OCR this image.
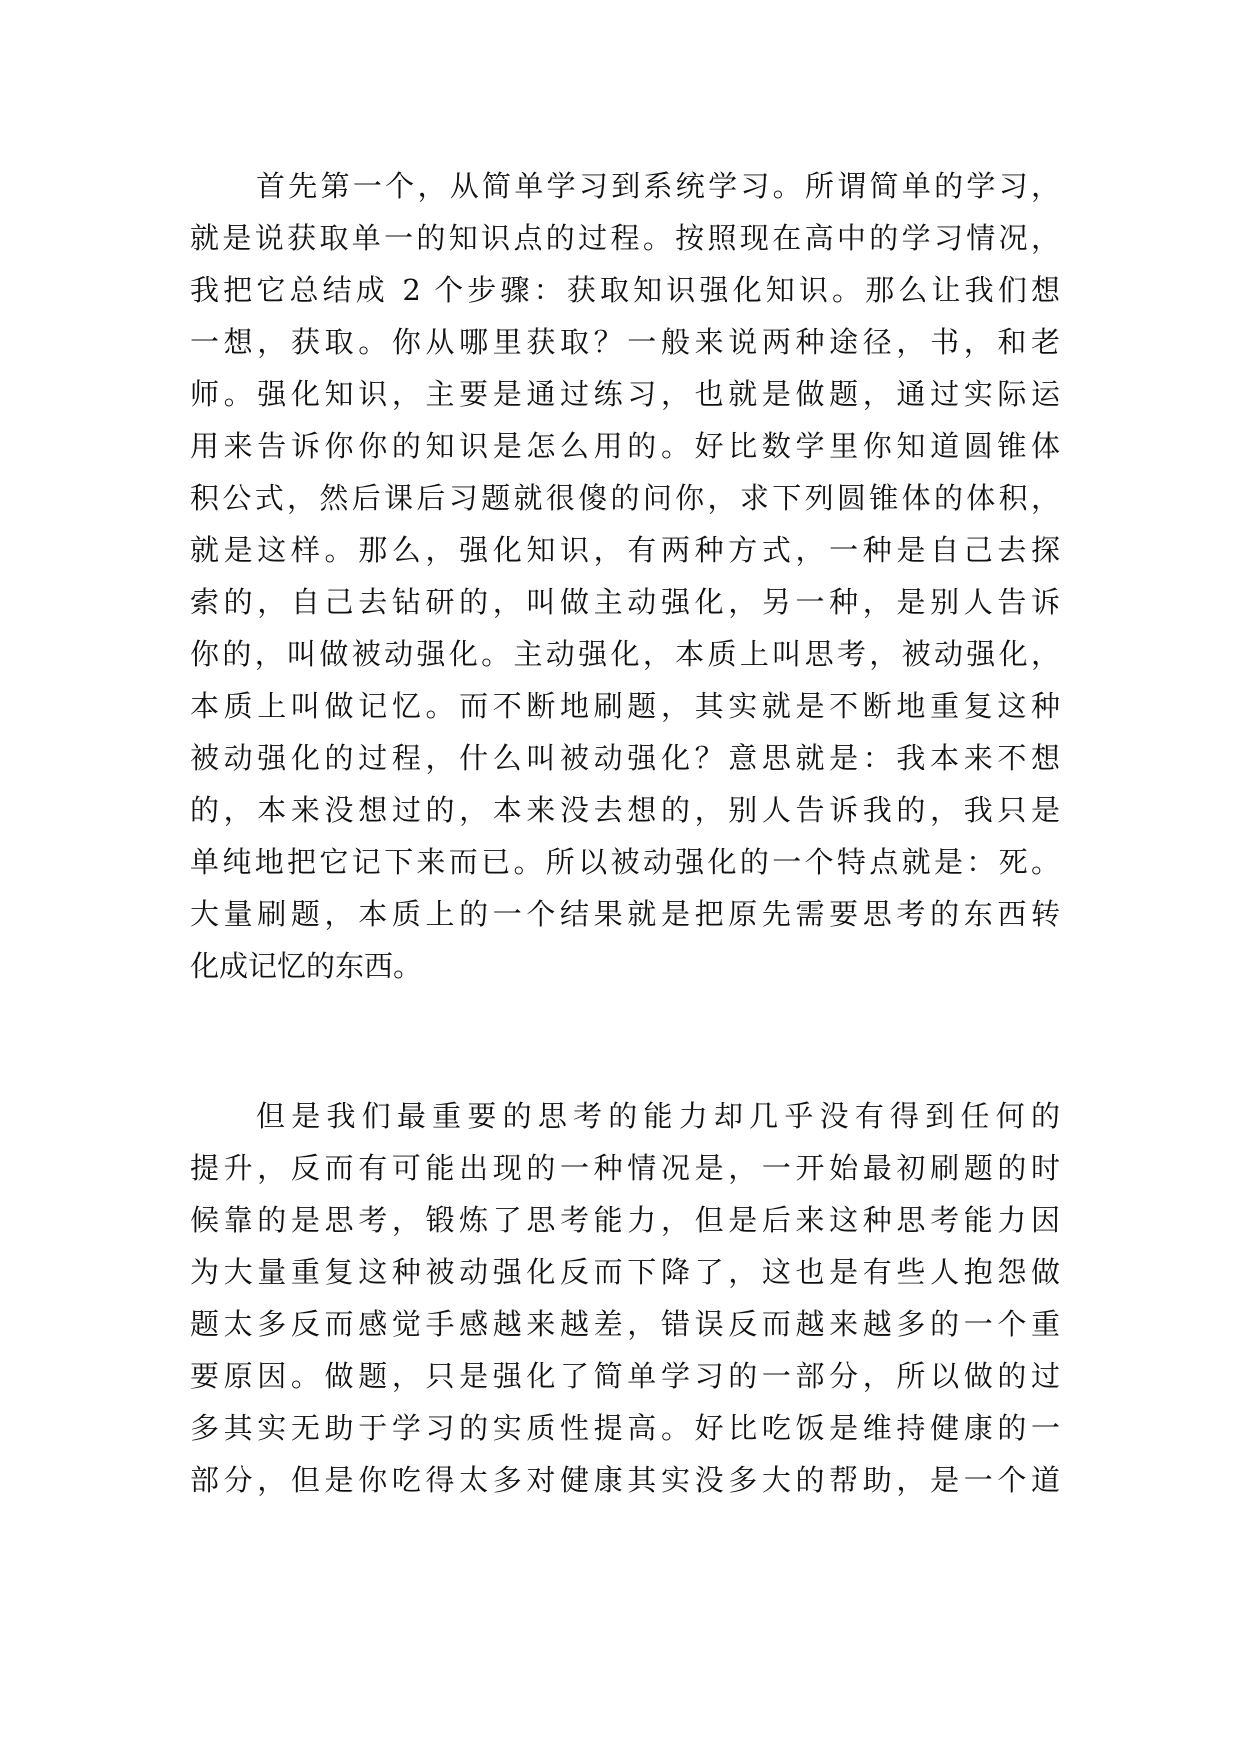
首先第一个，从简单学习到系统学习。所谓简单的学习，
就是说获取单一的知识点的过程。按照现在高中的学习情况，
我把它总结成 2 个步骤：获取知识强化知识。那么让我们想
一想，获取。你从哪里获取？一般来说两种途径，书，和老
师。强化知识，主要是通过练习，也就是做题，通过实际运
用来告诉你你的知识是怎么用的。好比数学里你知道圆锥体
积公式，然后课后习题就很傻的问你，求下列圆锥体的体积，
就是这样。那么，强化知识，有两种方式，一种是自己去探
索的，自己去钻研的，叫做主动强化，另一种，是别人告诉
你的，叫做被动强化。主动强化，本质上叫思考，被动强化，
本质上叫做记忆。而不断地刷题，其实就是不断地重复这种
被动强化的过程，什么叫被动强化？意思就是：我本来不想
的，本来没想过的，本来没去想的，别人告诉我的，我只是
单纯地把它记下来而已。所以被动强化的一个特点就是：死。
大量刷题，本质上的一个结果就是把原先需要思考的东西转
化成记忆的东西。
但是我们最重要的思考的能力却几乎没有得到任何的
提升，反而有可能出现的一种情况是，一开始最初刷题的时
候靠的是思考，锻炼了思考能力，但是后来这种思考能力因
为大量重复这种被动强化反而下降了，这也是有些人抱怨做
题太多反而感觉手感越来越差，错误反而越来越多的一个重
要原因。做题，只是强化了简单学习的一部分，所以做的过
多其实无助于学习的实质性提高。好比吃饭是维持健康的一
部分，但是你吃得太多对健康其实没多大的帮助，是一个道
